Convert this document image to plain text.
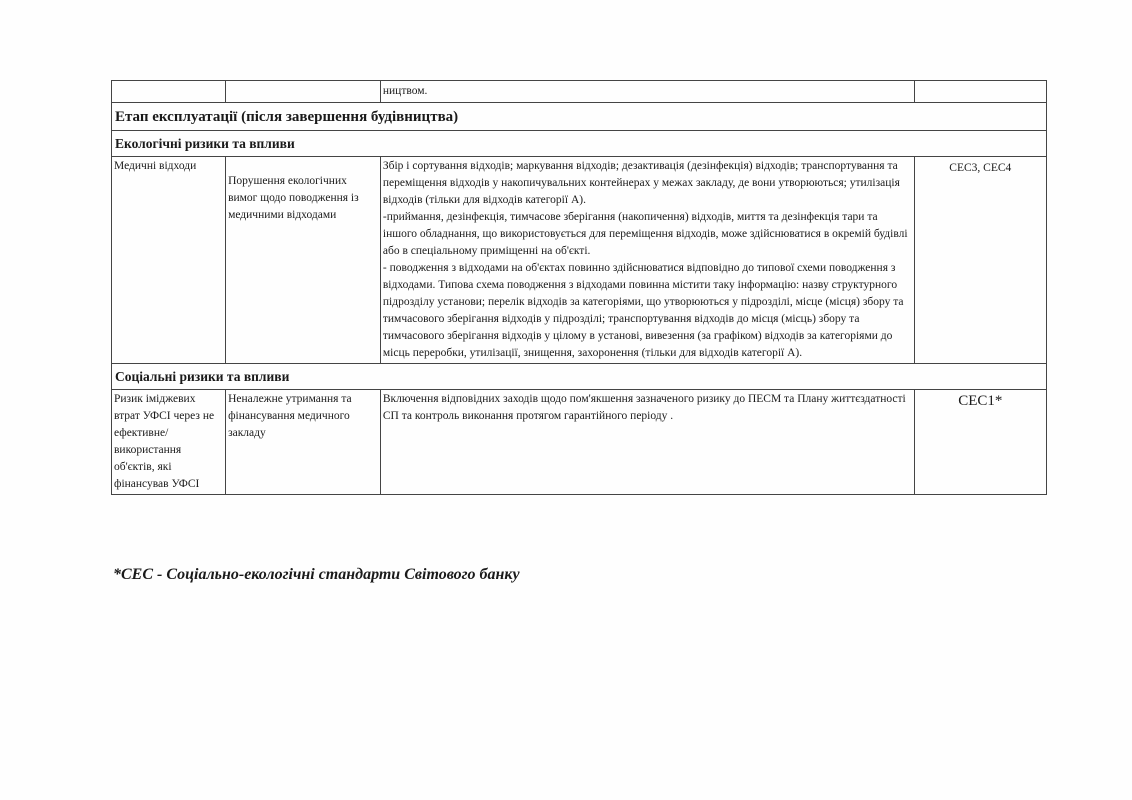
		ництвом.	
Етап експлуатації (після завершення будівництва)			
Екологічні ризики та впливи			

Медичні відходи	Порушення екологічних вимог щодо поводження із медичними відходами	Збір і сортування відходів; маркування відходів; дезактивація (дезінфекція) відходів; транспортування та переміщення відходів у накопичувальних контейнерах у межах закладу, де вони утворюються; утилізація відходів (тільки для відходів категорії А).
-приймання, дезінфекція, тимчасове зберігання (накопичення) відходів, миття та дезінфекція тари та іншого обладнання, що використовується для переміщення відходів, може здійснюватися в окремій будівлі або в спеціальному приміщенні на об'єкті.
- поводження з відходами на об'єктах повинно здійснюватися відповідно до типової схеми поводження з відходами. Типова схема поводження з відходами повинна містити таку інформацію: назву структурного підрозділу установи; перелік відходів за категоріями, що утворюються у підрозділі, місце (місця) збору та тимчасового зберігання відходів у підрозділі; транспортування відходів до місця (місць) збору та тимчасового зберігання відходів у цілому в установі, вивезення (за графіком) відходів за категоріями до місць переробки, утилізації, знищення, захоронення (тільки для відходів категорії А).	СЕС3, СЕС4
Соціальні ризики та впливи			

Ризик іміджевих втрат УФСІ через не ефективне/ використання об'єктів, які фінансував УФСІ	Неналежне утримання та фінансування медичного закладу	Включення відповідних заходів щодо пом'якшення зазначеного ризику до ПЕСМ та Плану життєздатності СП та контроль виконання протягом гарантійного періоду .	СЕС1*
*СЕС - Соціально-екологічні стандарти Світового банку
